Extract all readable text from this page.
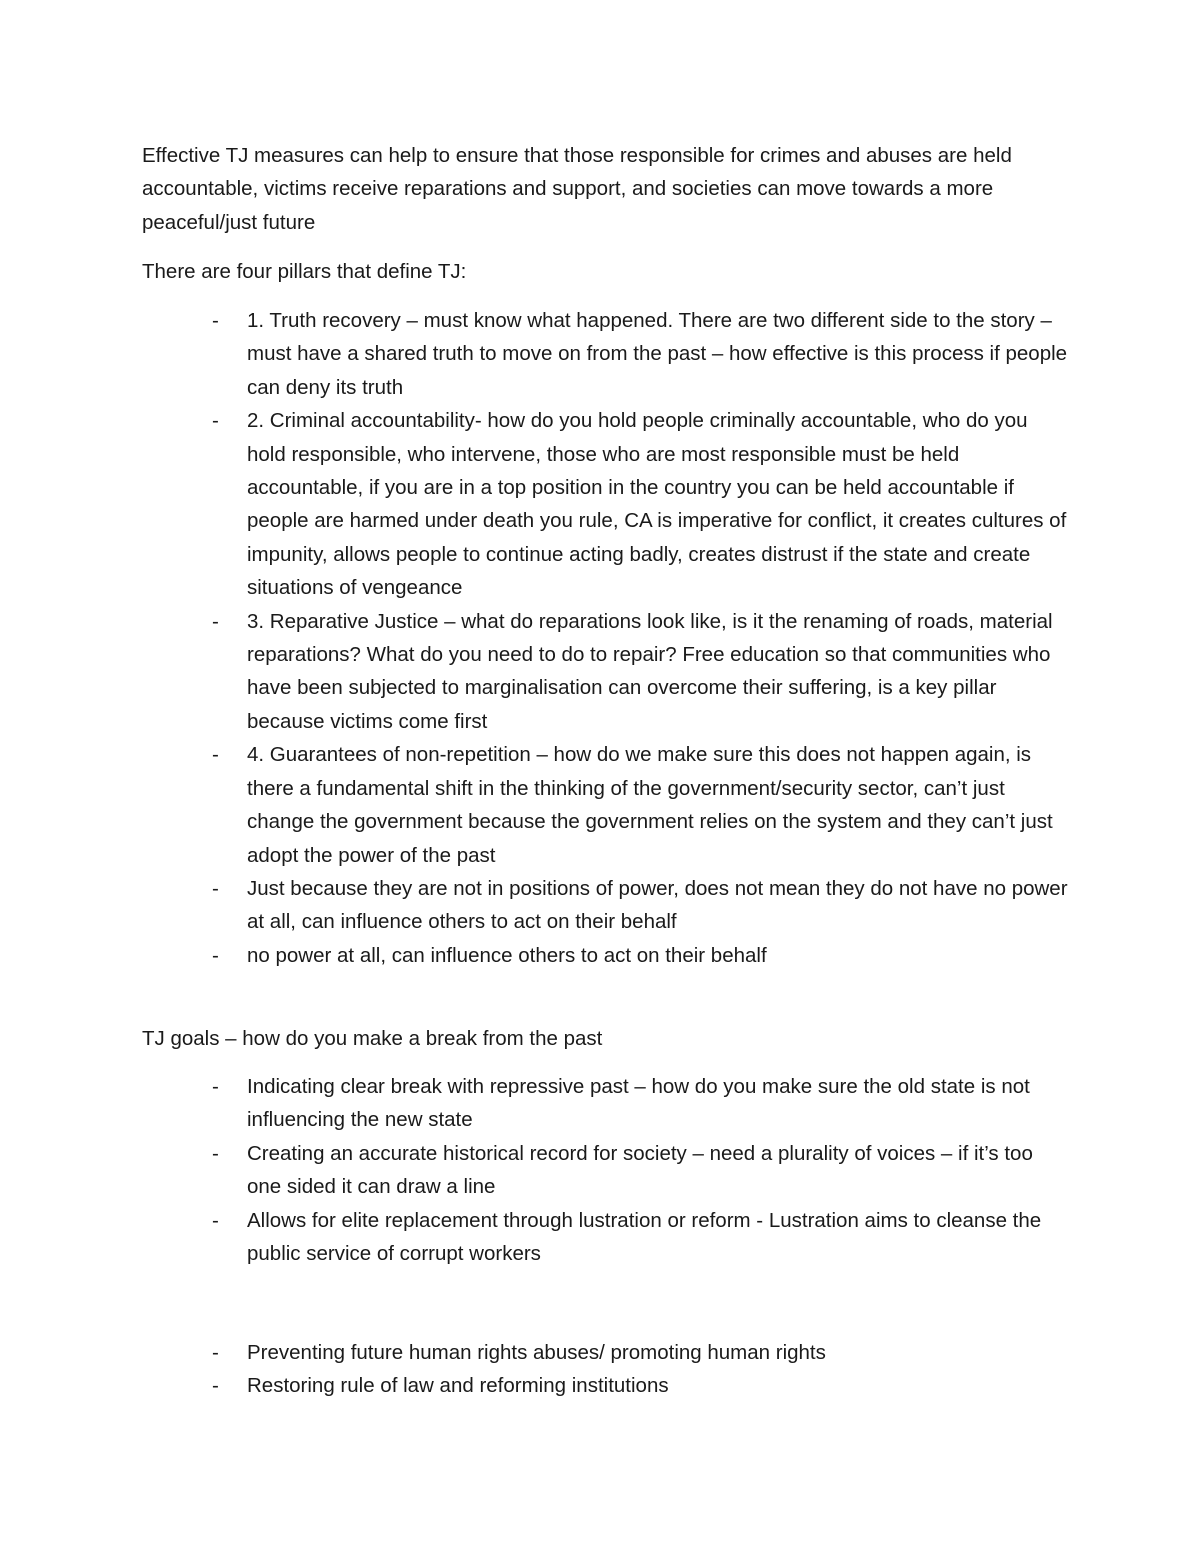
Effective TJ measures can help to ensure that those responsible for crimes and abuses are held accountable, victims receive reparations and support, and societies can move towards a more peaceful/just future

There are four pillars that define TJ:

- 1. Truth recovery – must know what happened. There are two different side to the story – must have a shared truth to move on from the past – how effective is this process if people can deny its truth
- 2. Criminal accountability- how do you hold people criminally accountable, who do you hold responsible, who intervene, those who are most responsible must be held accountable, if you are in a top position in the country you can be held accountable if people are harmed under death you rule, CA is imperative for conflict, it creates cultures of impunity, allows people to continue acting badly, creates distrust if the state and create situations of vengeance
- 3. Reparative Justice – what do reparations look like, is it the renaming of roads, material reparations? What do you need to do to repair? Free education so that communities who have been subjected to marginalisation can overcome their suffering, is a key pillar because victims come first
- 4. Guarantees of non-repetition – how do we make sure this does not happen again, is there a fundamental shift in the thinking of the government/security sector, can’t just change the government because the government relies on the system and they can’t just adopt the power of the past
- Just because they are not in positions of power, does not mean they do not have no power at all, can influence others to act on their behalf
- no power at all, can influence others to act on their behalf

TJ goals – how do you make a break from the past

- Indicating clear break with repressive past – how do you make sure the old state is not influencing the new state
- Creating an accurate historical record for society – need a plurality of voices – if it’s too one sided it can draw a line
- Allows for elite replacement through lustration or reform - Lustration aims to cleanse the public service of corrupt workers
- Preventing future human rights abuses/ promoting human rights
- Restoring rule of law and reforming institutions
